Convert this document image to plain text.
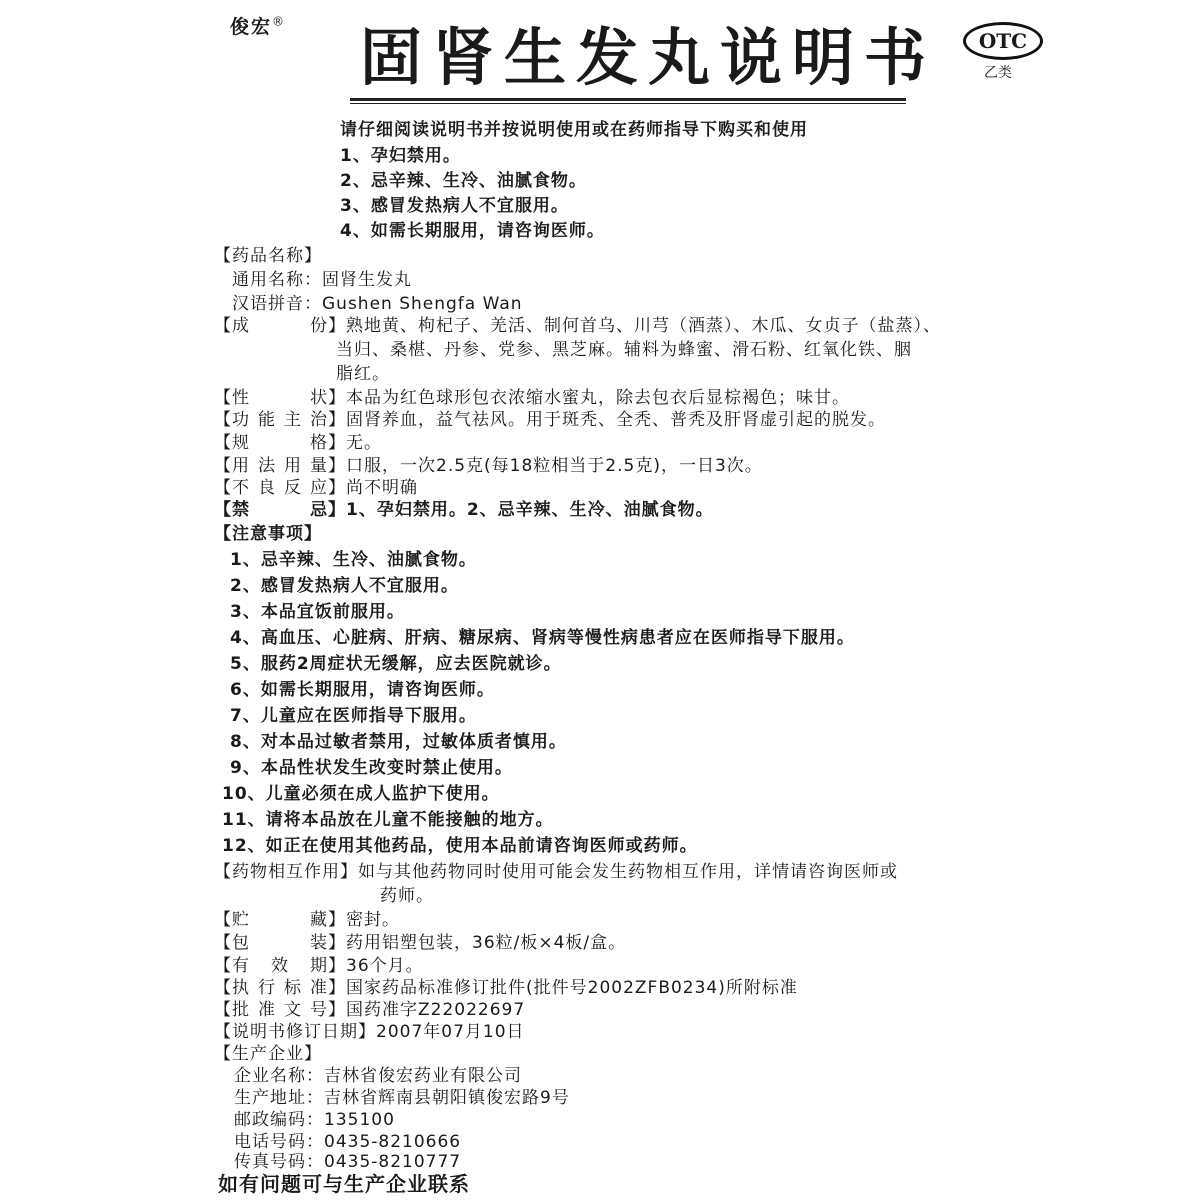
俊宏® 固肾生发丸说明书	OTC
乙类
请仔细阅读说明书并按说明使用或在药师指导下购买和使用
1、孕妇禁用。
2、忌辛辣、生冷、油腻食物。
3、感冒发热病人不宜服用。
4、如需长期服用，请咨询医师。
【药品名称】
通用名称：固肾生发丸
汉语拼音：Gushen Shengfa Wan
【成份】熟地黄、枸杞子、羌活、制何首乌、川芎（酒蒸）、木瓜、女贞子（盐蒸）、
当归、桑椹、丹参、党参、黑芝麻。辅料为蜂蜜、滑石粉、红氧化铁、胭
脂红。
【性状】本品为红色球形包衣浓缩水蜜丸，除去包衣后显棕褐色；味甘。
【功能主治】固肾养血，益气祛风。用于斑秃、全秃、普秃及肝肾虚引起的脱发。
【规格】无。
【用法用量】口服，一次2.5克(每18粒相当于2.5克)，一日3次。
【不良反应】尚不明确
【禁忌】1、孕妇禁用。2、忌辛辣、生冷、油腻食物。
【注意事项】
1、忌辛辣、生冷、油腻食物。
2、感冒发热病人不宜服用。
3、本品宜饭前服用。
4、高血压、心脏病、肝病、糖尿病、肾病等慢性病患者应在医师指导下服用。
5、服药2周症状无缓解，应去医院就诊。
6、如需长期服用，请咨询医师。
7、儿童应在医师指导下服用。
8、对本品过敏者禁用，过敏体质者慎用。
9、本品性状发生改变时禁止使用。
10、儿童必须在成人监护下使用。
11、请将本品放在儿童不能接触的地方。
12、如正在使用其他药品，使用本品前请咨询医师或药师。
【药物相互作用】如与其他药物同时使用可能会发生药物相互作用，详情请咨询医师或
药师。
【贮藏】密封。
【包装】药用铝塑包装，36粒/板×4板/盒。
【有效期】36个月。
【执行标准】国家药品标准修订批件(批件号2002ZFB0234)所附标准
【批准文号】国药准字Z22022697
【说明书修订日期】2007年07月10日
【生产企业】
企业名称：吉林省俊宏药业有限公司
生产地址：吉林省辉南县朝阳镇俊宏路9号
邮政编码：135100
电话号码：0435-8210666
传真号码：0435-8210777
如有问题可与生产企业联系
